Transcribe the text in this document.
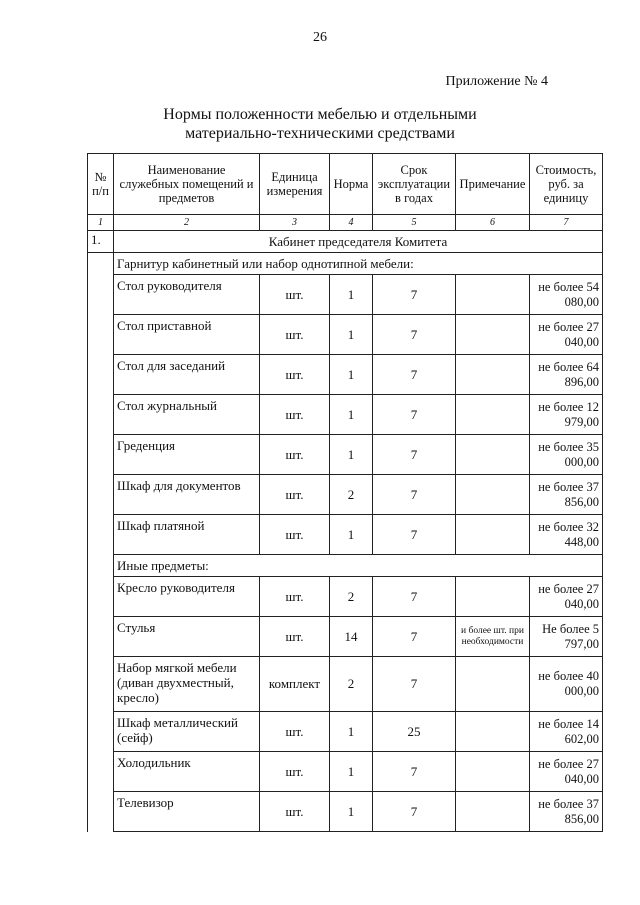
26
Приложение № 4
Нормы положенности мебелью и отдельными
материально-техническими средствами
№ п/п	Наименование служебных помещений и предметов	Единица измерения	Норма	Срок эксплуатации в годах	Примечание	Стоимость, руб. за единицу
1	2	3	4	5	6	7
1.	Кабинет председателя Комитета					
	Гарнитур кабинетный или набор однотипной мебели:					
	Стол руководителя	шт.	1	7		не более 54 080,00
	Стол приставной	шт.	1	7		не более 27 040,00
	Стол для заседаний	шт.	1	7		не более 64 896,00
	Стол журнальный	шт.	1	7		не более 12 979,00
	Греденция	шт.	1	7		не более 35 000,00
	Шкаф для документов	шт.	2	7		не более 37 856,00
	Шкаф платяной	шт.	1	7		не более 32 448,00
	Иные предметы:					
	Кресло руководителя	шт.	2	7		не более 27 040,00
	Стулья	шт.	14	7	и более шт. при необходимости	Не более 5 797,00
	Набор мягкой мебели (диван двухместный, кресло)	комплект	2	7		не более 40 000,00
	Шкаф металлический (сейф)	шт.	1	25		не более 14 602,00
	Холодильник	шт.	1	7		не более 27 040,00
	Телевизор	шт.	1	7		не более 37 856,00
